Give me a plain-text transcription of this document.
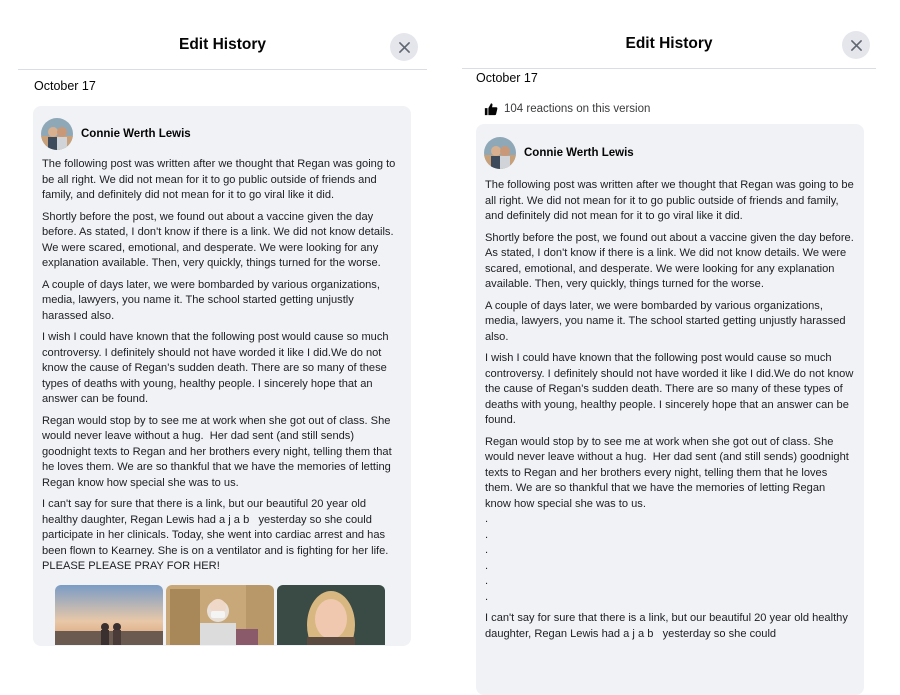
Edit History
October 17
Connie Werth Lewis

The following post was written after we thought that Regan was going to be all right. We did not mean for it to go public outside of friends and family, and definitely did not mean for it to go viral like it did.

Shortly before the post, we found out about a vaccine given the day before. As stated, I don't know if there is a link. We did not know details. We were scared, emotional, and desperate. We were looking for any explanation available. Then, very quickly, things turned for the worse.

A couple of days later, we were bombarded by various organizations, media, lawyers, you name it. The school started getting unjustly harassed also.

I wish I could have known that the following post would cause so much controversy. I definitely should not have worded it like I did.We do not know the cause of Regan's sudden death. There are so many of these types of deaths with young, healthy people. I sincerely hope that an answer can be found.

Regan would stop by to see me at work when she got out of class. She would never leave without a hug.  Her dad sent (and still sends) goodnight texts to Regan and her brothers every night, telling them that he loves them. We are so thankful that we have the memories of letting Regan know how special she was to us.

I can't say for sure that there is a link, but our beautiful 20 year old healthy daughter, Regan Lewis had a j a b   yesterday so she could participate in her clinicals. Today, she went into cardiac arrest and has been flown to Kearney. She is on a ventilator and is fighting for her life. PLEASE PLEASE PRAY FOR HER!

Edit History
October 17
104 reactions on this version
Connie Werth Lewis

The following post was written after we thought that Regan was going to be all right. We did not mean for it to go public outside of friends and family, and definitely did not mean for it to go viral like it did.

Shortly before the post, we found out about a vaccine given the day before. As stated, I don't know if there is a link. We did not know details. We were scared, emotional, and desperate. We were looking for any explanation available. Then, very quickly, things turned for the worse.

A couple of days later, we were bombarded by various organizations, media, lawyers, you name it. The school started getting unjustly harassed also.

I wish I could have known that the following post would cause so much controversy. I definitely should not have worded it like I did.We do not know the cause of Regan's sudden death. There are so many of these types of deaths with young, healthy people. I sincerely hope that an answer can be found.

Regan would stop by to see me at work when she got out of class. She would never leave without a hug.  Her dad sent (and still sends) goodnight texts to Regan and her brothers every night, telling them that he loves them. We are so thankful that we have the memories of letting Regan know how special she was to us.

.
.
.
.
.
.

I can't say for sure that there is a link, but our beautiful 20 year old healthy daughter, Regan Lewis had a j a b   yesterday so she could
